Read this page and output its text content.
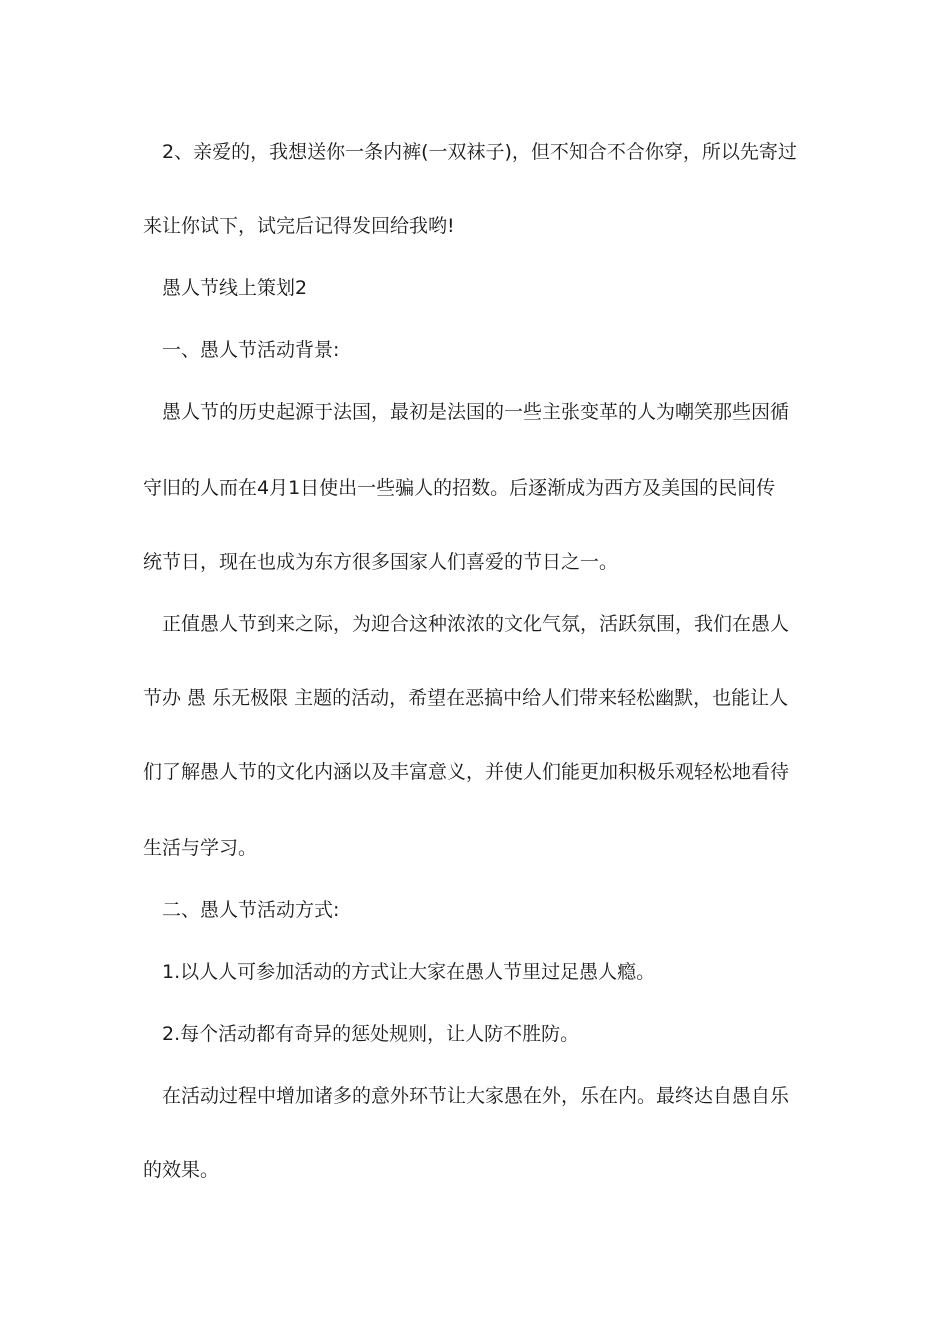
2、亲爱的，我想送你一条内裤(一双袜子)，但不知合不合你穿，所以先寄过
来让你试下，试完后记得发回给我哟!
愚人节线上策划2
一、愚人节活动背景:
愚人节的历史起源于法国，最初是法国的一些主张变革的人为嘲笑那些因循
守旧的人而在4月1日使出一些骗人的招数。后逐渐成为西方及美国的民间传
统节日，现在也成为东方很多国家人们喜爱的节日之一。
正值愚人节到来之际，为迎合这种浓浓的文化气氛，活跃氛围，我们在愚人
节办 愚 乐无极限 主题的活动，希望在恶搞中给人们带来轻松幽默，也能让人
们了解愚人节的文化内涵以及丰富意义，并使人们能更加积极乐观轻松地看待
生活与学习。
二、愚人节活动方式:
1.以人人可参加活动的方式让大家在愚人节里过足愚人瘾。
2.每个活动都有奇异的惩处规则，让人防不胜防。
在活动过程中增加诸多的意外环节让大家愚在外，乐在内。最终达自愚自乐
的效果。
